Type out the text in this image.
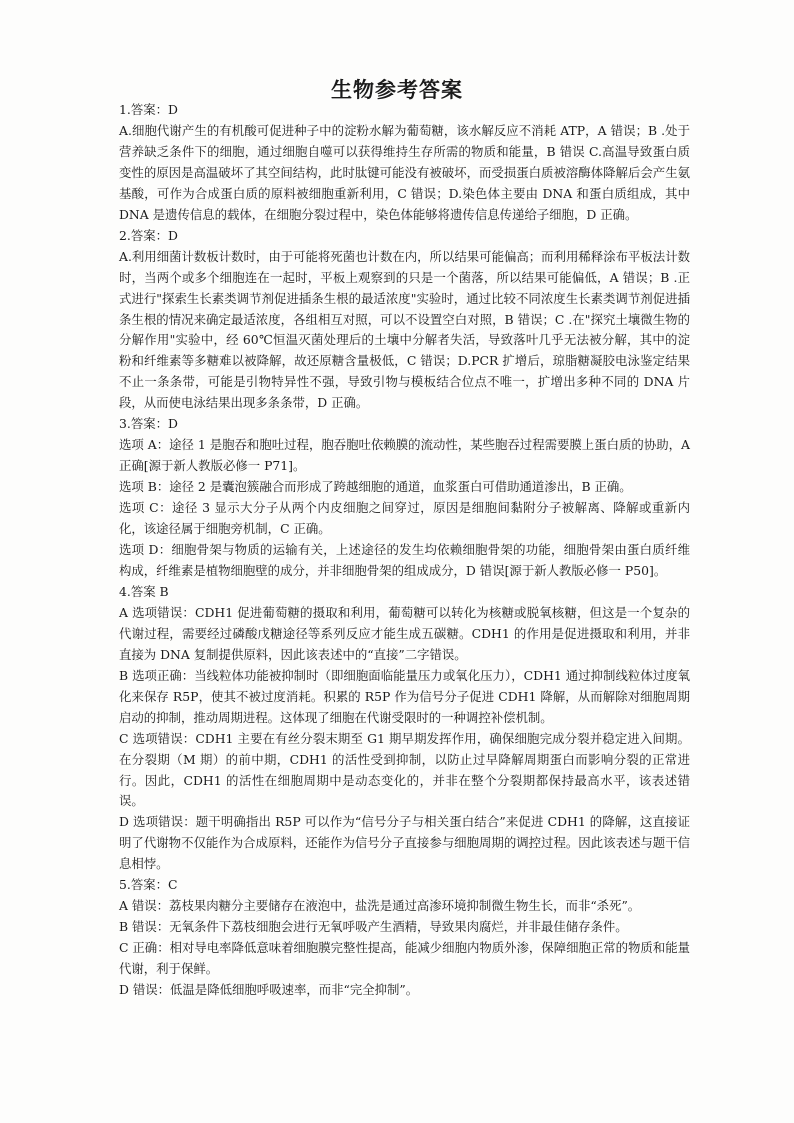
生物参考答案

1.答案：D

A.细胞代谢产生的有机酸可促进种子中的淀粉水解为葡萄糖，该水解反应不消耗 ATP，A 错误；B .处于营养缺乏条件下的细胞，通过细胞自噬可以获得维持生存所需的物质和能量，B 错误 C.高温导致蛋白质变性的原因是高温破坏了其空间结构，此时肽键可能没有被破坏，而受损蛋白质被溶酶体降解后会产生氨基酸，可作为合成蛋白质的原料被细胞重新利用，C 错误；D.染色体主要由 DNA 和蛋白质组成，其中 DNA 是遗传信息的载体，在细胞分裂过程中，染色体能够将遗传信息传递给子细胞，D 正确。

2.答案：D

A.利用细菌计数板计数时，由于可能将死菌也计数在内，所以结果可能偏高；而利用稀释涂布平板法计数时，当两个或多个细胞连在一起时，平板上观察到的只是一个菌落，所以结果可能偏低，A 错误；B .正式进行"探索生长素类调节剂促进插条生根的最适浓度"实验时，通过比较不同浓度生长素类调节剂促进插条生根的情况来确定最适浓度，各组相互对照，可以不设置空白对照，B 错误；C .在"探究土壤微生物的分解作用"实验中，经 60℃恒温灭菌处理后的土壤中分解者失活，导致落叶几乎无法被分解，其中的淀粉和纤维素等多糖难以被降解，故还原糖含量极低，C 错误；D.PCR 扩增后，琼脂糖凝胶电泳鉴定结果不止一条条带，可能是引物特异性不强，导致引物与模板结合位点不唯一，扩增出多种不同的 DNA 片段，从而使电泳结果出现多条条带，D 正确。

3.答案：D

选项 A：途径 1 是胞吞和胞吐过程，胞吞胞吐依赖膜的流动性，某些胞吞过程需要膜上蛋白质的协助，A 正确[源于新人教版必修一 P71]。

选项 B：途径 2 是囊泡簇融合而形成了跨越细胞的通道，血浆蛋白可借助通道渗出，B 正确。

选项 C：途径 3 显示大分子从两个内皮细胞之间穿过，原因是细胞间黏附分子被解离、降解或重新内化，该途径属于细胞旁机制，C 正确。

选项 D：细胞骨架与物质的运输有关，上述途径的发生均依赖细胞骨架的功能，细胞骨架由蛋白质纤维构成，纤维素是植物细胞壁的成分，并非细胞骨架的组成成分，D 错误[源于新人教版必修一 P50]。

4.答案 B

A 选项错误：CDH1 促进葡萄糖的摄取和利用，葡萄糖可以转化为核糖或脱氧核糖，但这是一个复杂的代谢过程，需要经过磷酸戊糖途径等系列反应才能生成五碳糖。CDH1 的作用是促进摄取和利用，并非直接为 DNA 复制提供原料，因此该表述中的“直接”二字错误。

B 选项正确：当线粒体功能被抑制时（即细胞面临能量压力或氧化压力），CDH1 通过抑制线粒体过度氧化来保存 R5P，使其不被过度消耗。积累的 R5P 作为信号分子促进 CDH1 降解，从而解除对细胞周期启动的抑制，推动周期进程。这体现了细胞在代谢受限时的一种调控补偿机制。

C 选项错误：CDH1 主要在有丝分裂末期至 G1 期早期发挥作用，确保细胞完成分裂并稳定进入间期。在分裂期（M 期）的前中期，CDH1 的活性受到抑制，以防止过早降解周期蛋白而影响分裂的正常进行。因此，CDH1 的活性在细胞周期中是动态变化的，并非在整个分裂期都保持最高水平，该表述错误。

D 选项错误：题干明确指出 R5P 可以作为“信号分子与相关蛋白结合”来促进 CDH1 的降解，这直接证明了代谢物不仅能作为合成原料，还能作为信号分子直接参与细胞周期的调控过程。因此该表述与题干信息相悖。

5.答案：C

A 错误：荔枝果肉糖分主要储存在液泡中，盐洗是通过高渗环境抑制微生物生长，而非“杀死”。

B 错误：无氧条件下荔枝细胞会进行无氧呼吸产生酒精，导致果肉腐烂，并非最佳储存条件。

C 正确：相对导电率降低意味着细胞膜完整性提高，能减少细胞内物质外渗，保障细胞正常的物质和能量代谢，利于保鲜。

D 错误：低温是降低细胞呼吸速率，而非“完全抑制”。
